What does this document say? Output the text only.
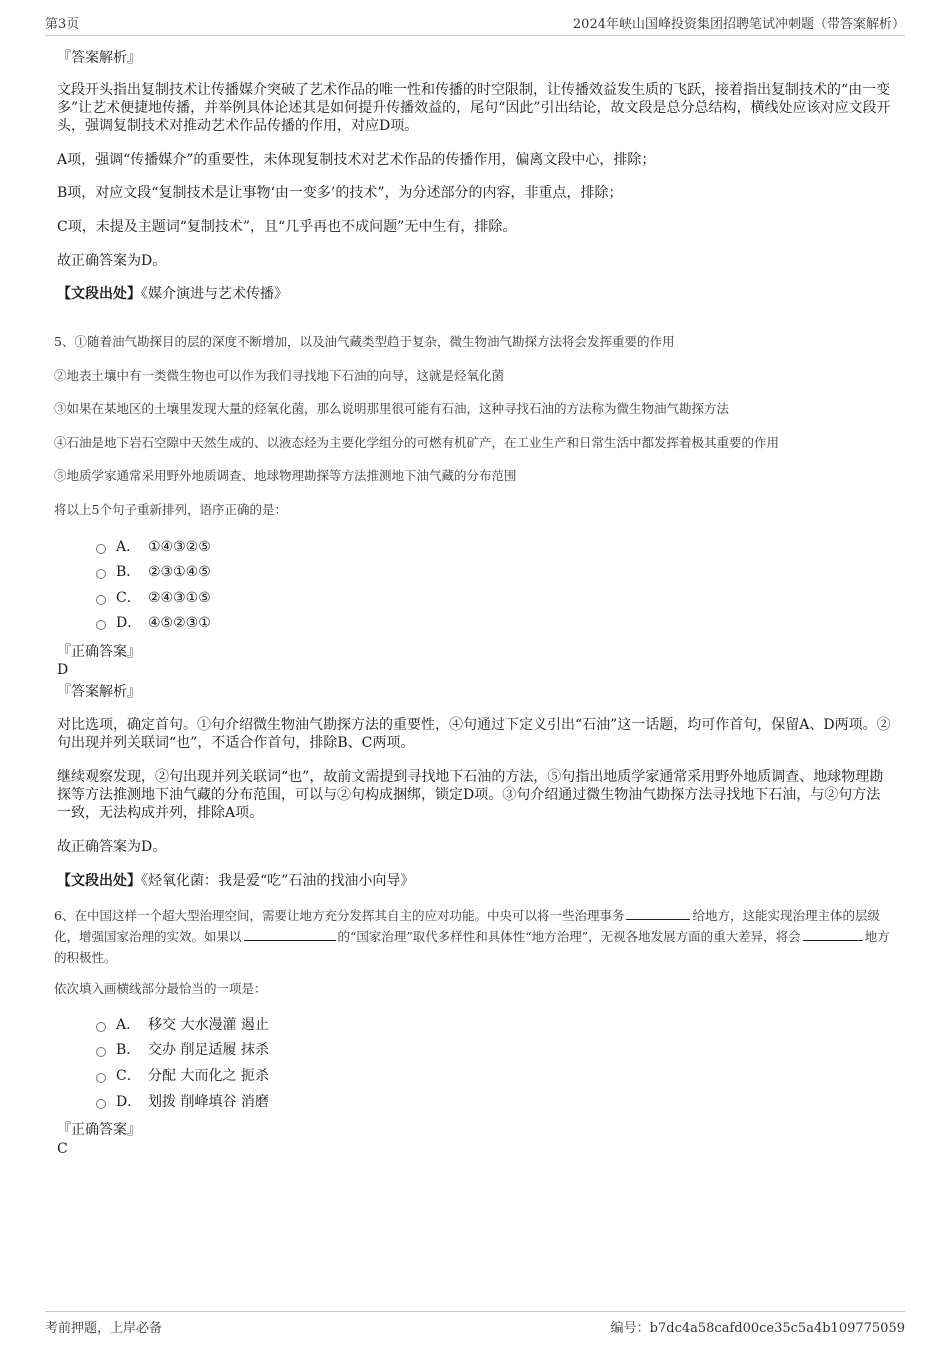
第3页	2024年峡山国峰投资集团招聘笔试冲刺题（带答案解析）
『答案解析』
文段开头指出复制技术让传播媒介突破了艺术作品的唯一性和传播的时空限制，让传播效益发生质的飞跃，接着指出复制技术的“由一变多”让艺术便捷地传播，并举例具体论述其是如何提升传播效益的，尾句“因此”引出结论，故文段是总分总结构，横线处应该对应文段开头，强调复制技术对推动艺术作品传播的作用，对应D项。
A项，强调“传播媒介”的重要性，未体现复制技术对艺术作品的传播作用，偏离文段中心，排除；
B项，对应文段“复制技术是让事物‘由一变多’的技术”，为分述部分的内容，非重点，排除；
C项，未提及主题词“复制技术”，且“几乎再也不成问题”无中生有，排除。
故正确答案为D。
【文段出处】《媒介演进与艺术传播》
5、①随着油气勘探目的层的深度不断增加，以及油气藏类型趋于复杂，微生物油气勘探方法将会发挥重要的作用
②地表土壤中有一类微生物也可以作为我们寻找地下石油的向导，这就是烃氧化菌
③如果在某地区的土壤里发现大量的烃氧化菌，那么说明那里很可能有石油，这种寻找石油的方法称为微生物油气勘探方法
④石油是地下岩石空隙中天然生成的、以液态烃为主要化学组分的可燃有机矿产，在工业生产和日常生活中都发挥着极其重要的作用
⑤地质学家通常采用野外地质调查、地球物理勘探等方法推测地下油气藏的分布范围
将以上5个句子重新排列，语序正确的是：
A． ①④③②⑤
B． ②③①④⑤
C． ②④③①⑤
D． ④⑤②③①
『正确答案』
D
『答案解析』
对比选项，确定首句。①句介绍微生物油气勘探方法的重要性，④句通过下定义引出“石油”这一话题，均可作首句，保留A、D两项。②句出现并列关联词“也”，不适合作首句，排除B、C两项。
继续观察发现，②句出现并列关联词“也”，故前文需提到寻找地下石油的方法，⑤句指出地质学家通常采用野外地质调查、地球物理勘探等方法推测地下油气藏的分布范围，可以与②句构成捆绑，锁定D项。③句介绍通过微生物油气勘探方法寻找地下石油，与②句方法一致，无法构成并列，排除A项。
故正确答案为D。
【文段出处】《烃氧化菌：我是爱“吃”石油的找油小向导》
6、在中国这样一个超大型治理空间，需要让地方充分发挥其自主的应对功能。中央可以将一些治理事务	给地方，这能实现治理主体的层级化，增强国家治理的实效。如果以	的“国家治理”取代多样性和具体性“地方治理”，无视各地发展方面的重大差异，将会	地方的积极性。
依次填入画横线部分最恰当的一项是：
A． 移交 大水漫灌 遏止
B． 交办 削足适履 抹杀
C． 分配 大而化之 扼杀
D． 划拨 削峰填谷 消磨
『正确答案』
C
考前押题，上岸必备	编号：b7dc4a58cafd00ce35c5a4b109775059
